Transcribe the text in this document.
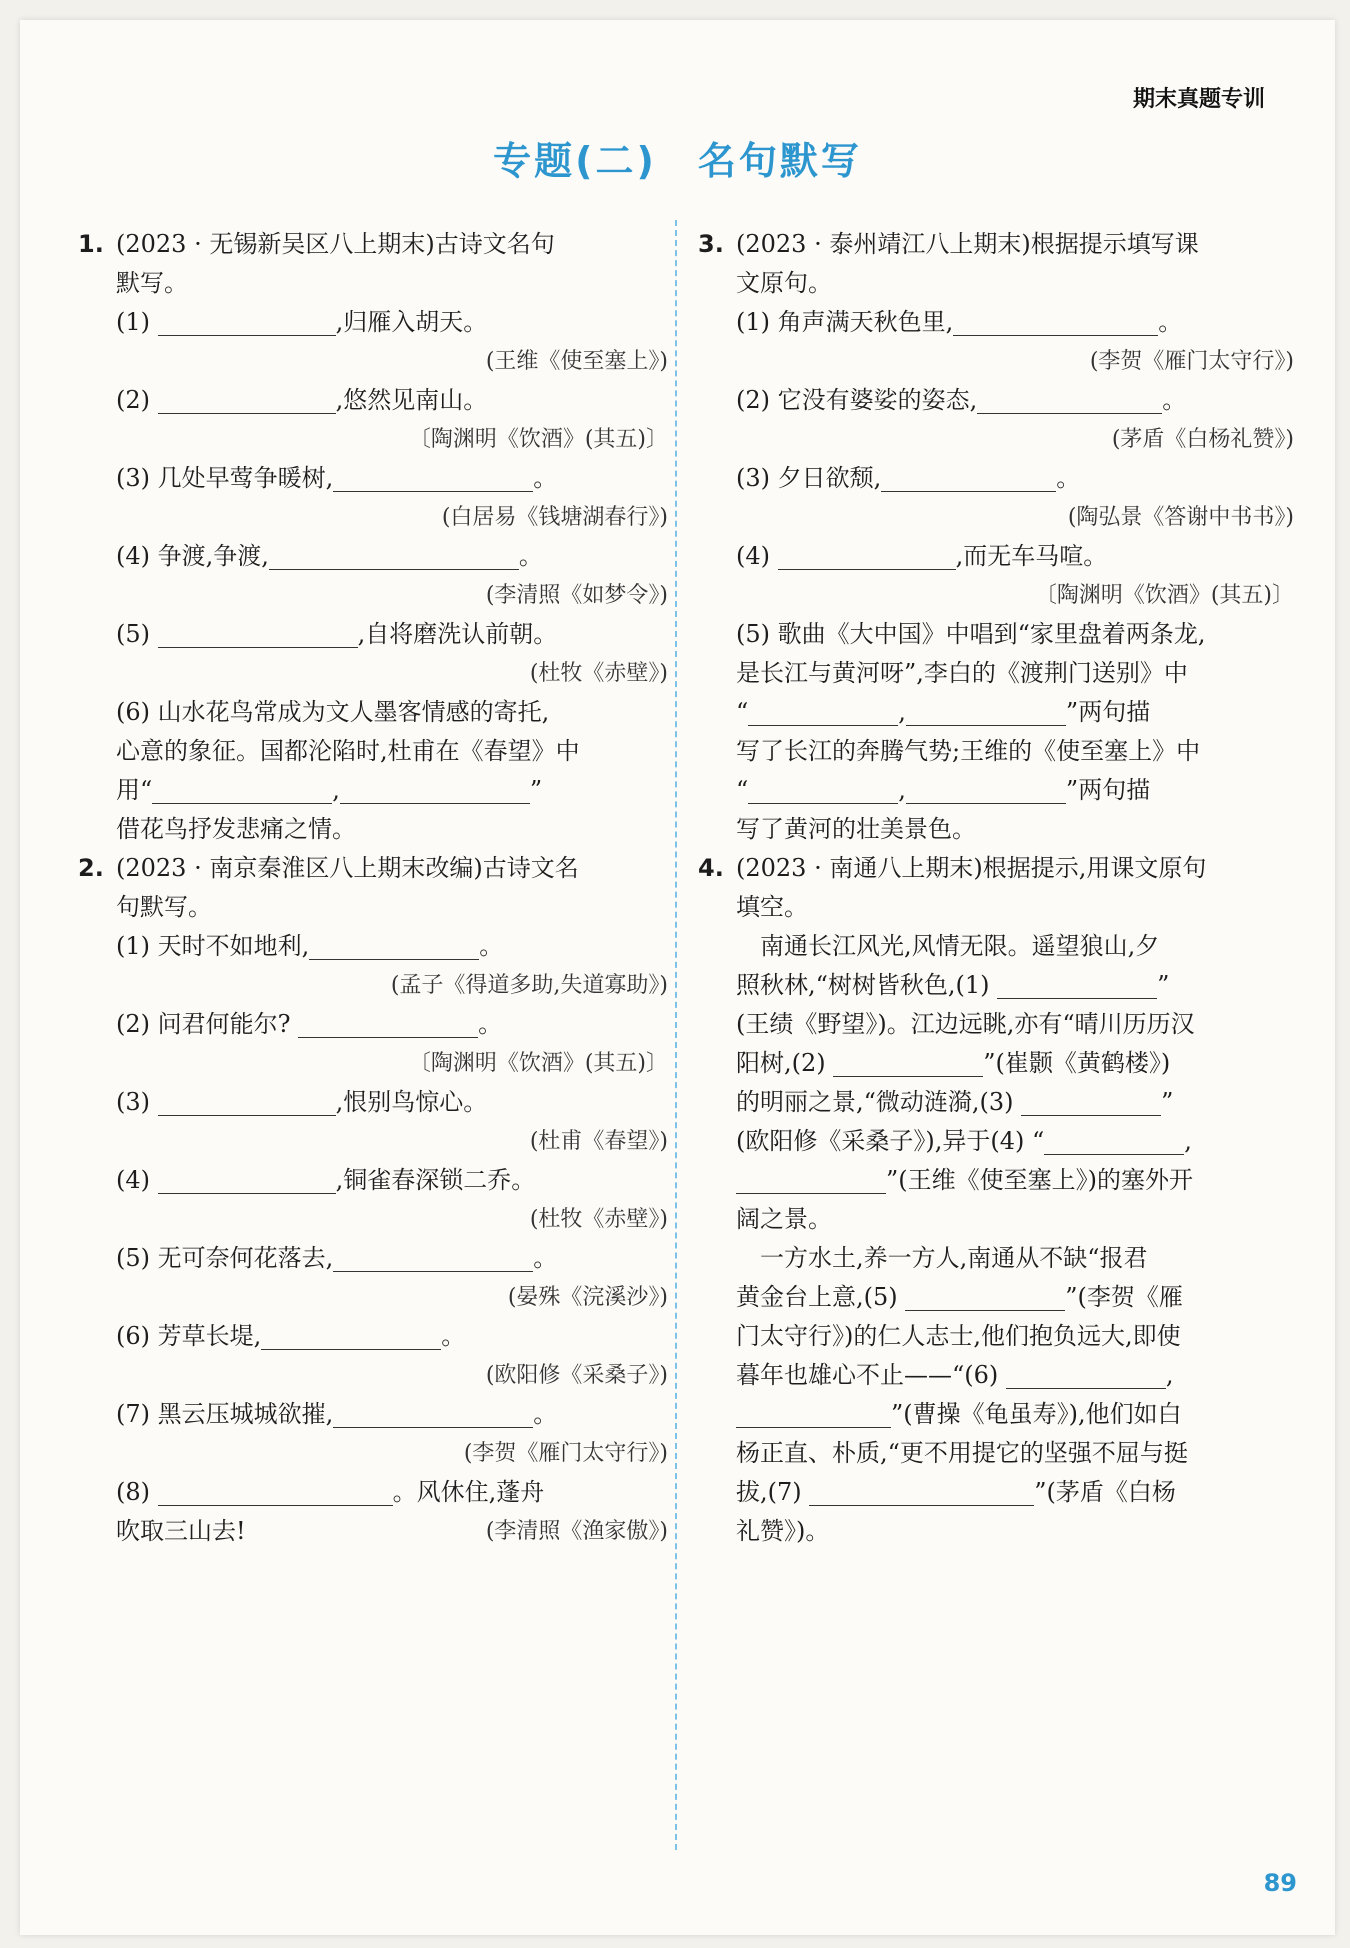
期末真题专训
专题(二)　名句默写
1. (2023 · 无锡新吴区八上期末)古诗文名句
默写。
(1)	,归雁入胡天。
(王维《使至塞上》)
(2)	,悠然见南山。
〔陶渊明《饮酒》(其五)〕
(3) 几处早莺争暖树,	。
(白居易《钱塘湖春行》)
(4) 争渡,争渡,	。
(李清照《如梦令》)
(5)	,自将磨洗认前朝。
(杜牧《赤壁》)
(6) 山水花鸟常成为文人墨客情感的寄托,
心意的象征。国都沦陷时,杜甫在《春望》中
用“	,	”
借花鸟抒发悲痛之情。
2. (2023 · 南京秦淮区八上期末改编)古诗文名
句默写。
(1) 天时不如地利,	。
(孟子《得道多助,失道寡助》)
(2) 问君何能尔?	。
〔陶渊明《饮酒》(其五)〕
(3)	,恨别鸟惊心。
(杜甫《春望》)
(4)	,铜雀春深锁二乔。
(杜牧《赤壁》)
(5) 无可奈何花落去,	。
(晏殊《浣溪沙》)
(6) 芳草长堤,	。
(欧阳修《采桑子》)
(7) 黑云压城城欲摧,	。
(李贺《雁门太守行》)
(8)	。风休住,蓬舟
吹取三山去!	(李清照《渔家傲》)
3. (2023 · 泰州靖江八上期末)根据提示填写课
文原句。
(1) 角声满天秋色里,	。
(李贺《雁门太守行》)
(2) 它没有婆娑的姿态,	。
(茅盾《白杨礼赞》)
(3) 夕日欲颓,	。
(陶弘景《答谢中书书》)
(4)	,而无车马喧。
〔陶渊明《饮酒》(其五)〕
(5) 歌曲《大中国》中唱到“家里盘着两条龙,
是长江与黄河呀”,李白的《渡荆门送别》中
“	,	”两句描
写了长江的奔腾气势;王维的《使至塞上》中
“	,	”两句描
写了黄河的壮美景色。
4. (2023 · 南通八上期末)根据提示,用课文原句
填空。
　南通长江风光,风情无限。遥望狼山,夕
照秋林,“树树皆秋色,(1)	”
(王绩《野望》)。江边远眺,亦有“晴川历历汉
阳树,(2)	”(崔颢《黄鹤楼》)
的明丽之景,“微动涟漪,(3)	”
(欧阳修《采桑子》),异于(4) “	,
”(王维《使至塞上》)的塞外开
阔之景。
　一方水土,养一方人,南通从不缺“报君
黄金台上意,(5)	”(李贺《雁
门太守行》)的仁人志士,他们抱负远大,即使
暮年也雄心不止——“(6)	,
”(曹操《龟虽寿》),他们如白
杨正直、朴质,“更不用提它的坚强不屈与挺
拔,(7)	”(茅盾《白杨
礼赞》)。
89
